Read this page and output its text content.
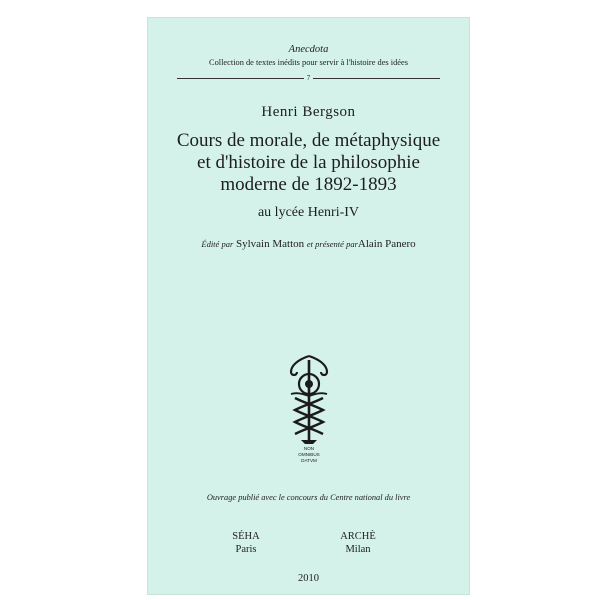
Anecdota
Collection de textes inédits pour servir à l'histoire des idées
7
Henri Bergson
Cours de morale, de métaphysique
et d'histoire de la philosophie
moderne de 1892-1893
au lycée Henri-IV
Édité par Sylvain Matton et présenté parAlain Panero
NON
OMNIBUS
DATVM
Ouvrage publié avec le concours du Centre national du livre
SÉHA
Paris
ARCHÈ
Milan
2010
